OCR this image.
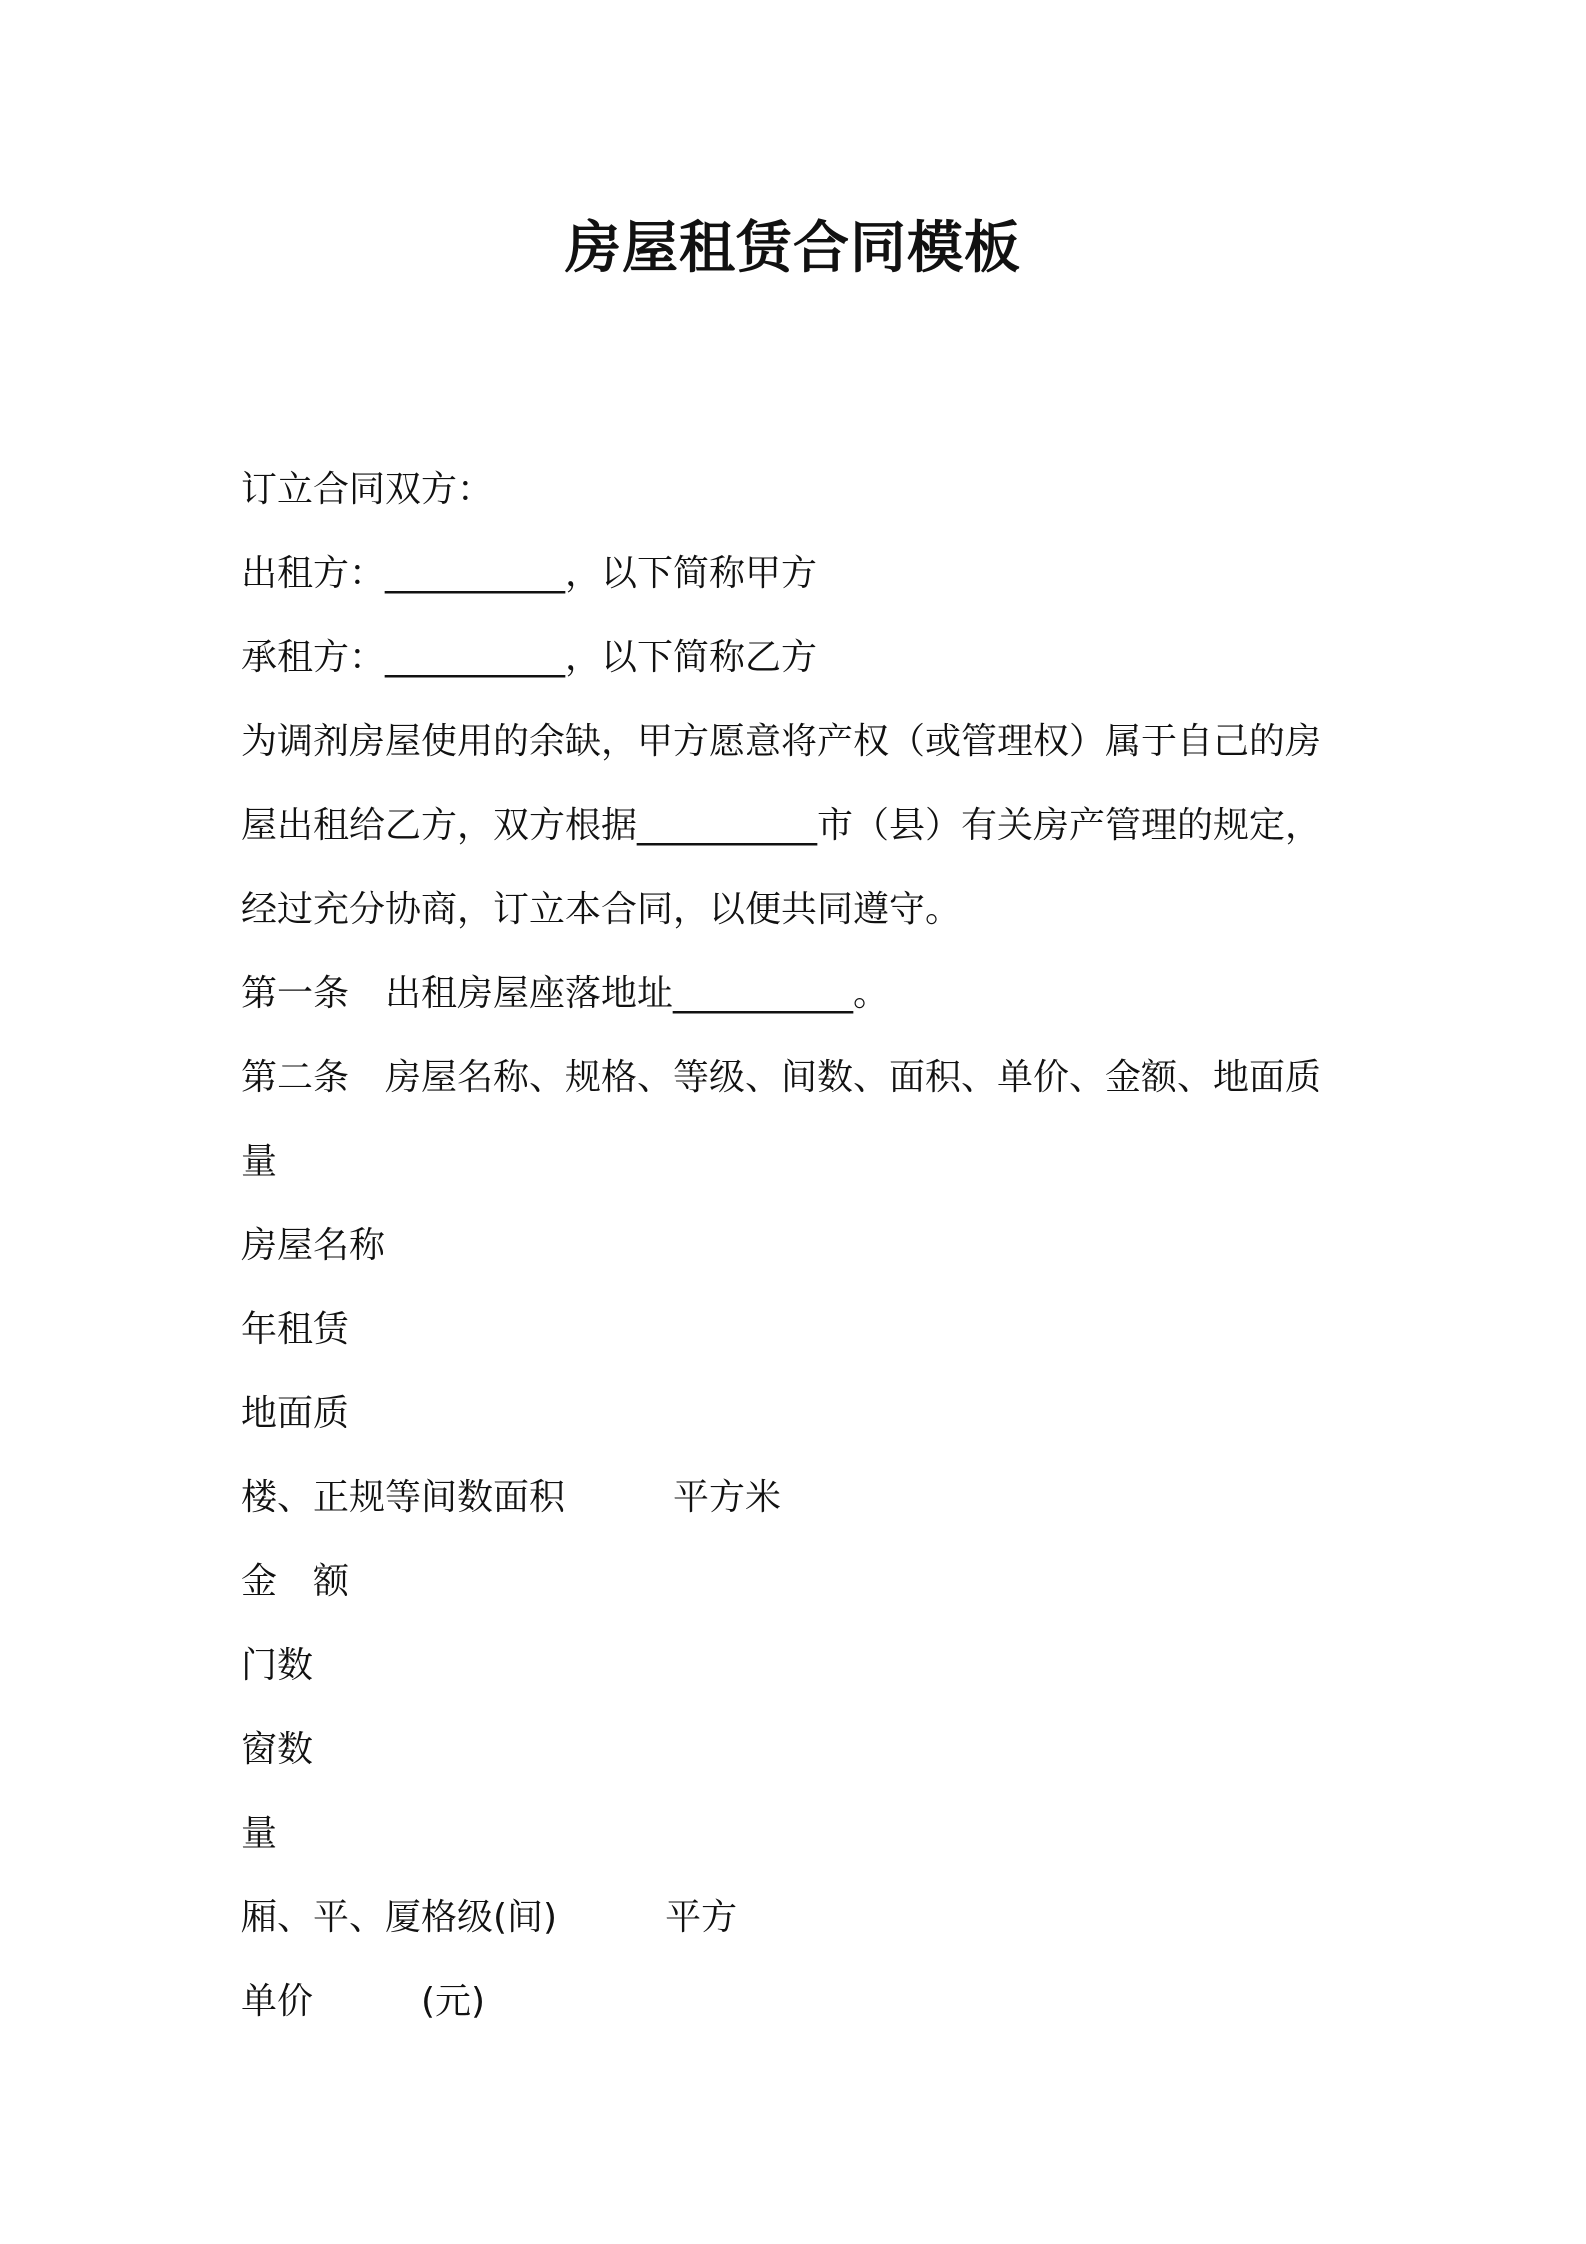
房屋租赁合同模板
订立合同双方：
出租方：__________，以下简称甲方
承租方：__________，以下简称乙方
为调剂房屋使用的余缺，甲方愿意将产权（或管理权）属于自己的房
屋出租给乙方，双方根据__________市（县）有关房产管理的规定，
经过充分协商，订立本合同，以便共同遵守。
第一条　出租房屋座落地址__________。
第二条　房屋名称、规格、等级、间数、面积、单价、金额、地面质
量
房屋名称
年租赁
地面质
楼、正规等间数面积　　　平方米
金　额
门数
窗数
量
厢、平、厦格级(间)　　　平方
单价　　　(元)
